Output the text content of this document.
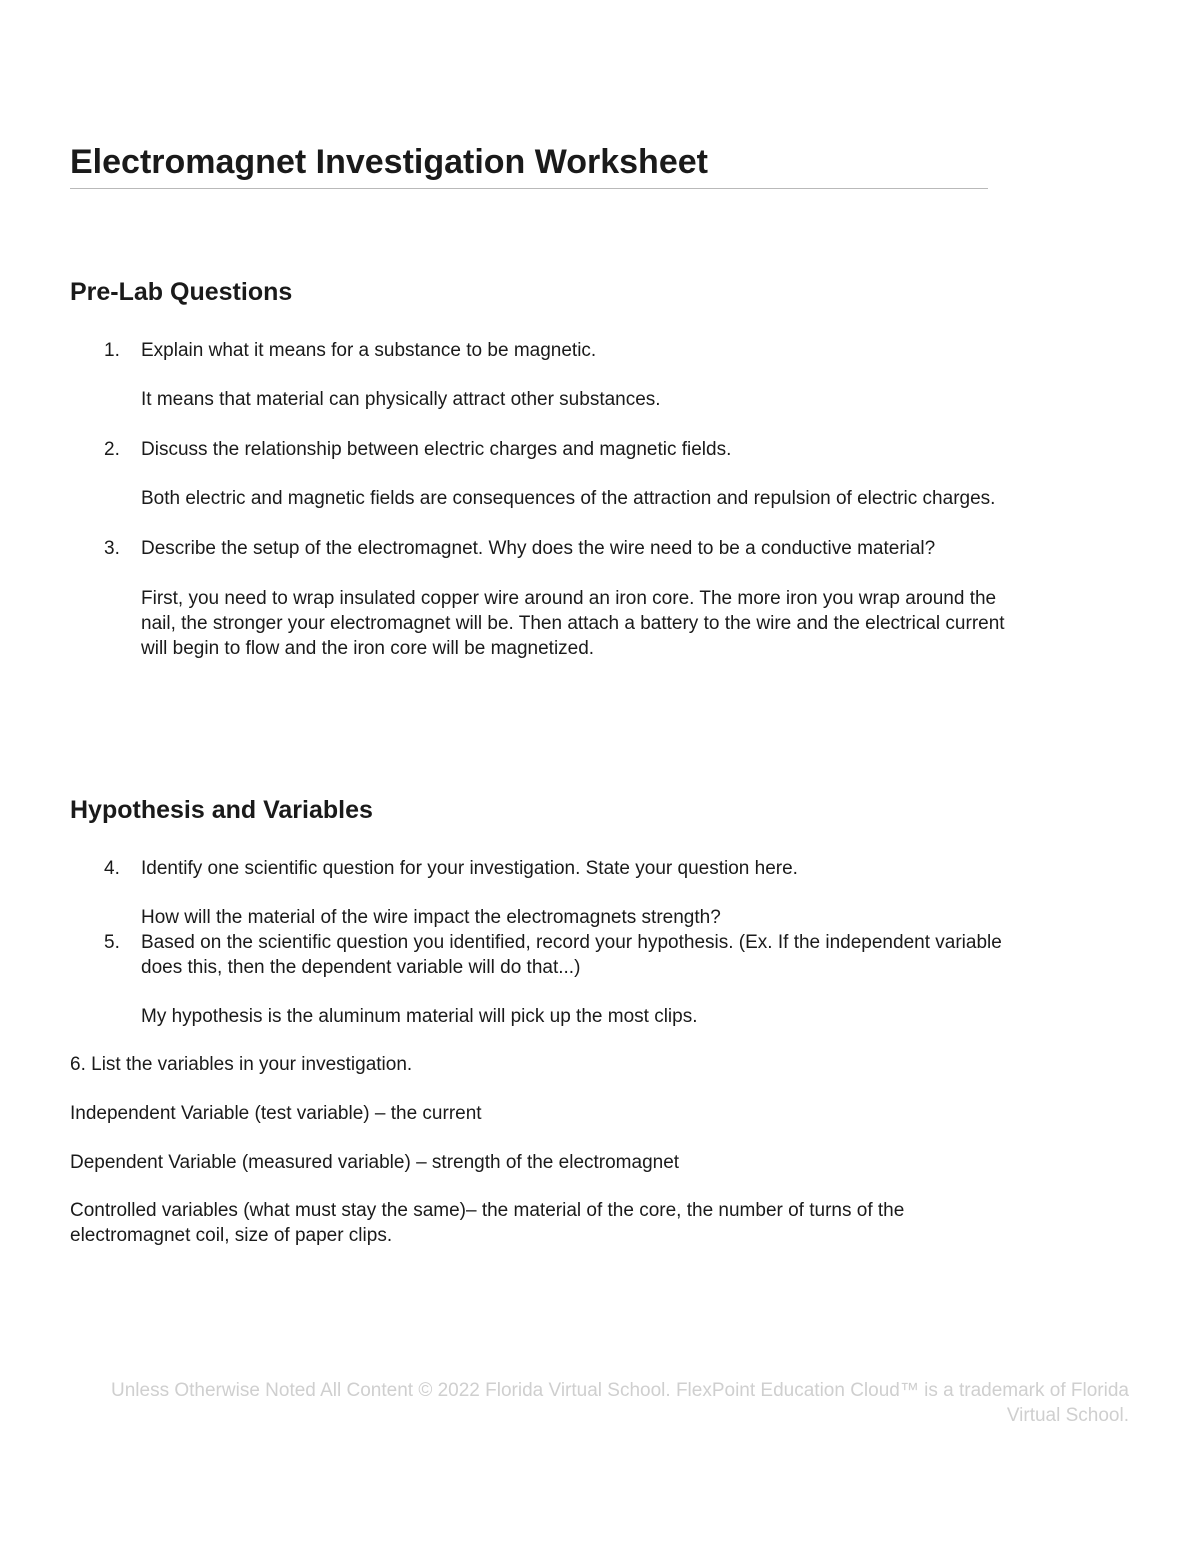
Electromagnet Investigation Worksheet
Pre-Lab Questions
1. Explain what it means for a substance to be magnetic.

It means that material can physically attract other substances.

2. Discuss the relationship between electric charges and magnetic fields.

Both electric and magnetic fields are consequences of the attraction and repulsion of electric charges.

3. Describe the setup of the electromagnet. Why does the wire need to be a conductive material?

First, you need to wrap insulated copper wire around an iron core. The more iron you wrap around the

nail, the stronger your electromagnet will be. Then attach a battery to the wire and the electrical current

will begin to flow and the iron core will be magnetized.

Hypothesis and Variables
4. Identify one scientific question for your investigation. State your question here.

How will the material of the wire impact the electromagnets strength?

5. Based on the scientific question you identified, record your hypothesis. (Ex. If the independent variable

does this, then the dependent variable will do that...)

My hypothesis is the aluminum material will pick up the most clips.

6. List the variables in your investigation.

Independent Variable (test variable) – the current

Dependent Variable (measured variable) – strength of the electromagnet

Controlled variables (what must stay the same)– the material of the core, the number of turns of the

electromagnet coil, size of paper clips.

Unless Otherwise Noted All Content © 2022 Florida Virtual School. FlexPoint Education Cloud™ is a trademark of Florida
Virtual School.
